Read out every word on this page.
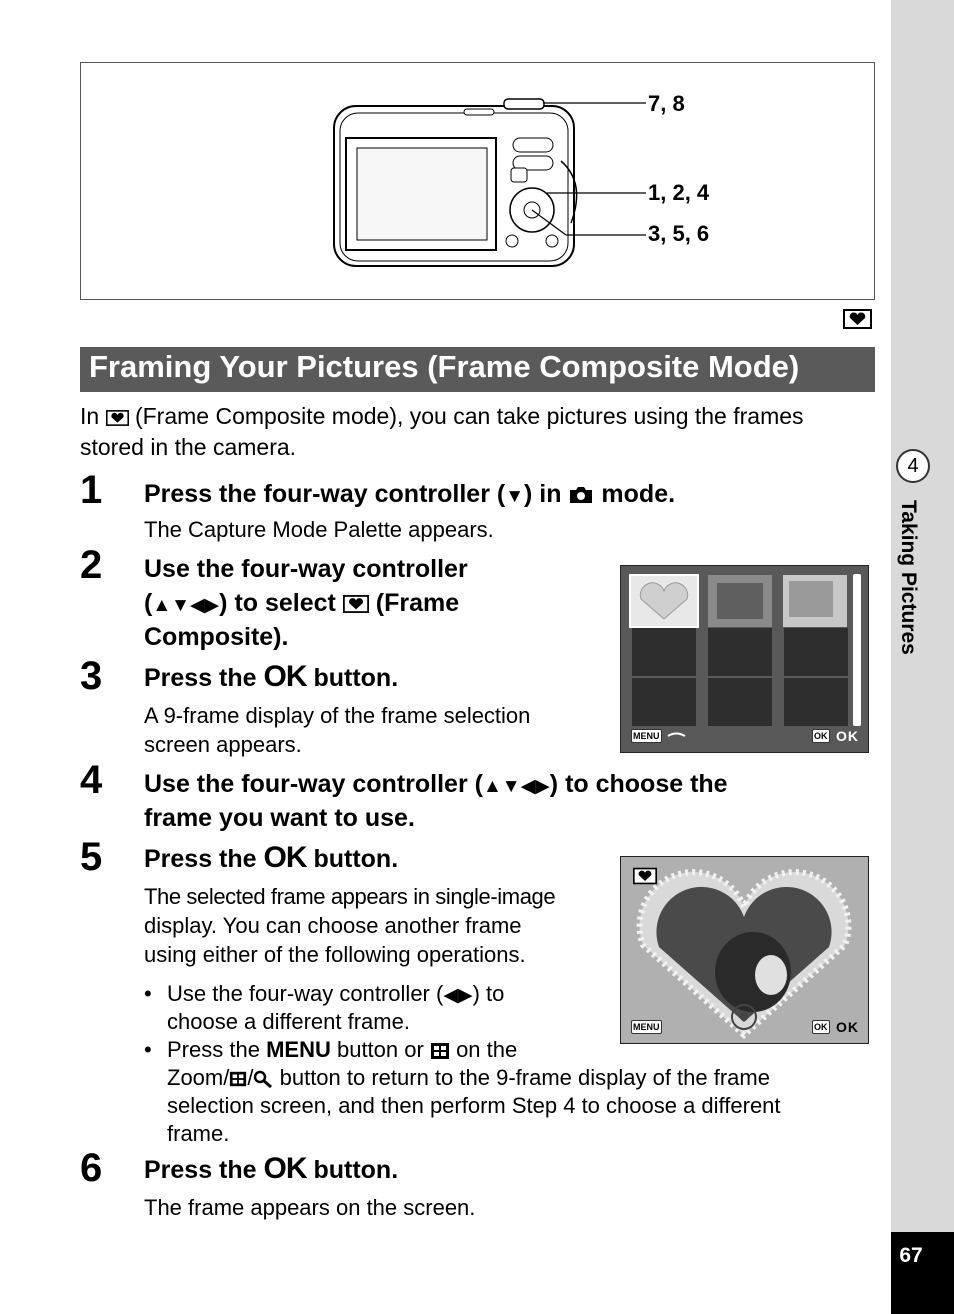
4
Taking Pictures
67
7, 8
1, 2, 4
3, 5, 6
Framing Your Pictures (Frame Composite Mode)
In (Frame Composite mode), you can take pictures using the frames
stored in the camera.
1 Press the four-way controller (▼) in mode.
The Capture Mode Palette appears.
2 Use the four-way controller
(▲▼◀▶) to select (Frame
Composite).
3 Press the OK button.
A 9-frame display of the frame selection
screen appears.	MENU	OK OK
4 Use the four-way controller (▲▼◀▶) to choose the
frame you want to use.
5 Press the OK button.
The selected frame appears in single-image
display. You can choose another frame
using either of the following operations.
MENU	OK OK
• Use the four-way controller (◀▶) to
choose a different frame.
• Press the MENU button or on the
Zoom/ / button to return to the 9-frame display of the frame
selection screen, and then perform Step 4 to choose a different
frame.
6 Press the OK button.
The frame appears on the screen.
